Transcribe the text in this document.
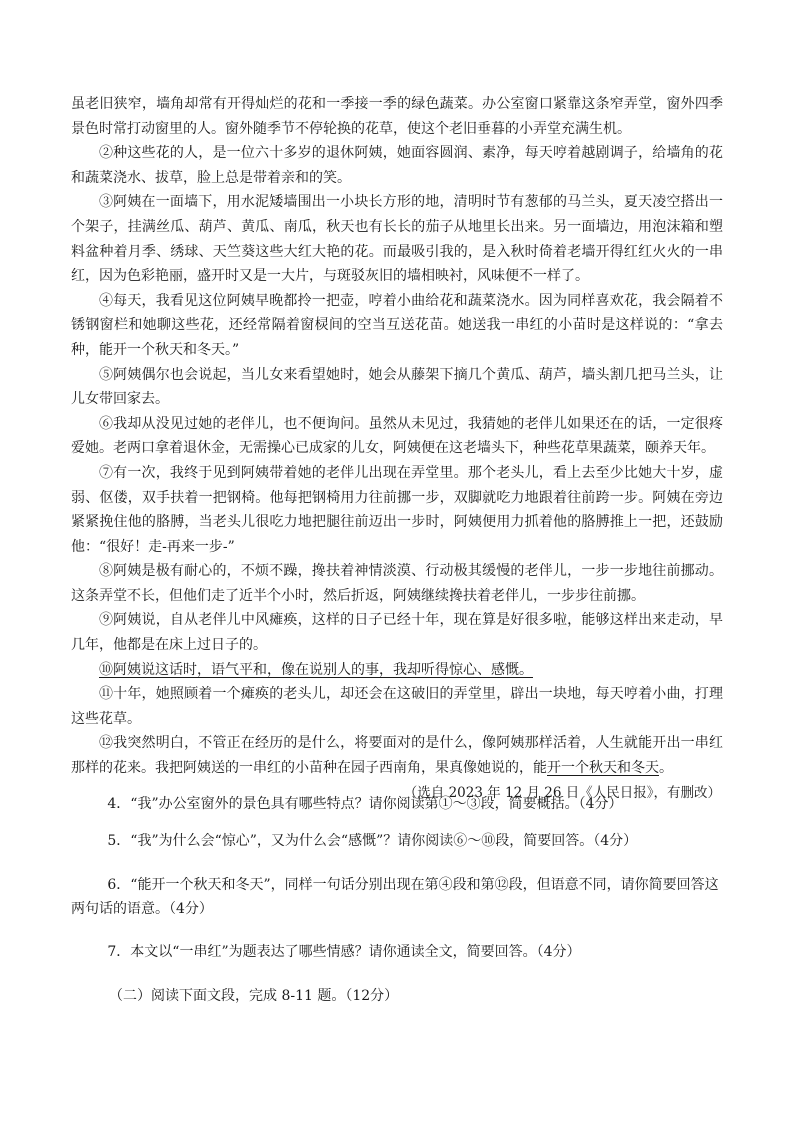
虽老旧狭窄，墙角却常有开得灿烂的花和一季接一季的绿色蔬菜。办公室窗口紧靠这条窄弄堂，窗外四季景色时常打动窗里的人。窗外随季节不停轮换的花草，使这个老旧垂暮的小弄堂充满生机。

②种这些花的人，是一位六十多岁的退休阿姨，她面容圆润、素净，每天哼着越剧调子，给墙角的花和蔬菜浇水、拔草，脸上总是带着亲和的笑。

③阿姨在一面墙下，用水泥矮墙围出一小块长方形的地，清明时节有葱郁的马兰头，夏天凌空搭出一个架子，挂满丝瓜、葫芦、黄瓜、南瓜，秋天也有长长的茄子从地里长出来。另一面墙边，用泡沫箱和塑料盆种着月季、绣球、天竺葵这些大红大艳的花。而最吸引我的，是入秋时倚着老墙开得红红火火的一串红，因为色彩艳丽，盛开时又是一大片，与斑驳灰旧的墙相映衬，风味便不一样了。

④每天，我看见这位阿姨早晚都拎一把壶，哼着小曲给花和蔬菜浇水。因为同样喜欢花，我会隔着不锈钢窗栏和她聊这些花，还经常隔着窗棂间的空当互送花苗。她送我一串红的小苗时是这样说的：“拿去种，能开一个秋天和冬天。”

⑤阿姨偶尔也会说起，当儿女来看望她时，她会从藤架下摘几个黄瓜、葫芦，墙头割几把马兰头，让儿女带回家去。

⑥我却从没见过她的老伴儿，也不便询问。虽然从未见过，我猜她的老伴儿如果还在的话，一定很疼爱她。老两口拿着退休金，无需操心已成家的儿女，阿姨便在这老墙头下，种些花草果蔬菜，颐养天年。

⑦有一次，我终于见到阿姨带着她的老伴儿出现在弄堂里。那个老头儿，看上去至少比她大十岁，虚弱、伛偻，双手扶着一把钢椅。他每把钢椅用力往前挪一步，双脚就吃力地跟着往前跨一步。阿姨在旁边紧紧挽住他的胳膊，当老头儿很吃力地把腿往前迈出一步时，阿姨便用力抓着他的胳膊推上一把，还鼓励他：“很好！走-再来一步-”

⑧阿姨是极有耐心的，不烦不躁，搀扶着神情淡漠、行动极其缓慢的老伴儿，一步一步地往前挪动。这条弄堂不长，但他们走了近半个小时，然后折返，阿姨继续搀扶着老伴儿，一步步往前挪。

⑨阿姨说，自从老伴儿中风瘫痪，这样的日子已经十年，现在算是好很多啦，能够这样出来走动，早几年，他都是在床上过日子的。

⑩阿姨说这话时，语气平和，像在说别人的事，我却听得惊心、感慨。

⑪十年，她照顾着一个瘫痪的老头儿，却还会在这破旧的弄堂里，辟出一块地，每天哼着小曲，打理这些花草。

⑫我突然明白，不管正在经历的是什么，将要面对的是什么，像阿姨那样活着，人生就能开出一串红那样的花来。我把阿姨送的一串红的小苗种在园子西南角，果真像她说的，能开一个秋天和冬天。

（选自 2023 年 12 月 26 日《人民日报》，有删改）

4．“我”办公室窗外的景色具有哪些特点？请你阅读第①～③段，简要概括。（4分）

5．“我”为什么会“惊心”，又为什么会“感慨”？请你阅读⑥～⑩段，简要回答。（4分）

6．“能开一个秋天和冬天”，同样一句话分别出现在第④段和第⑫段，但语意不同，请你简要回答这两句话的语意。（4分）

7．本文以“一串红”为题表达了哪些情感？请你通读全文，简要回答。（4分）

（二）阅读下面文段，完成 8-11 题。（12分）
